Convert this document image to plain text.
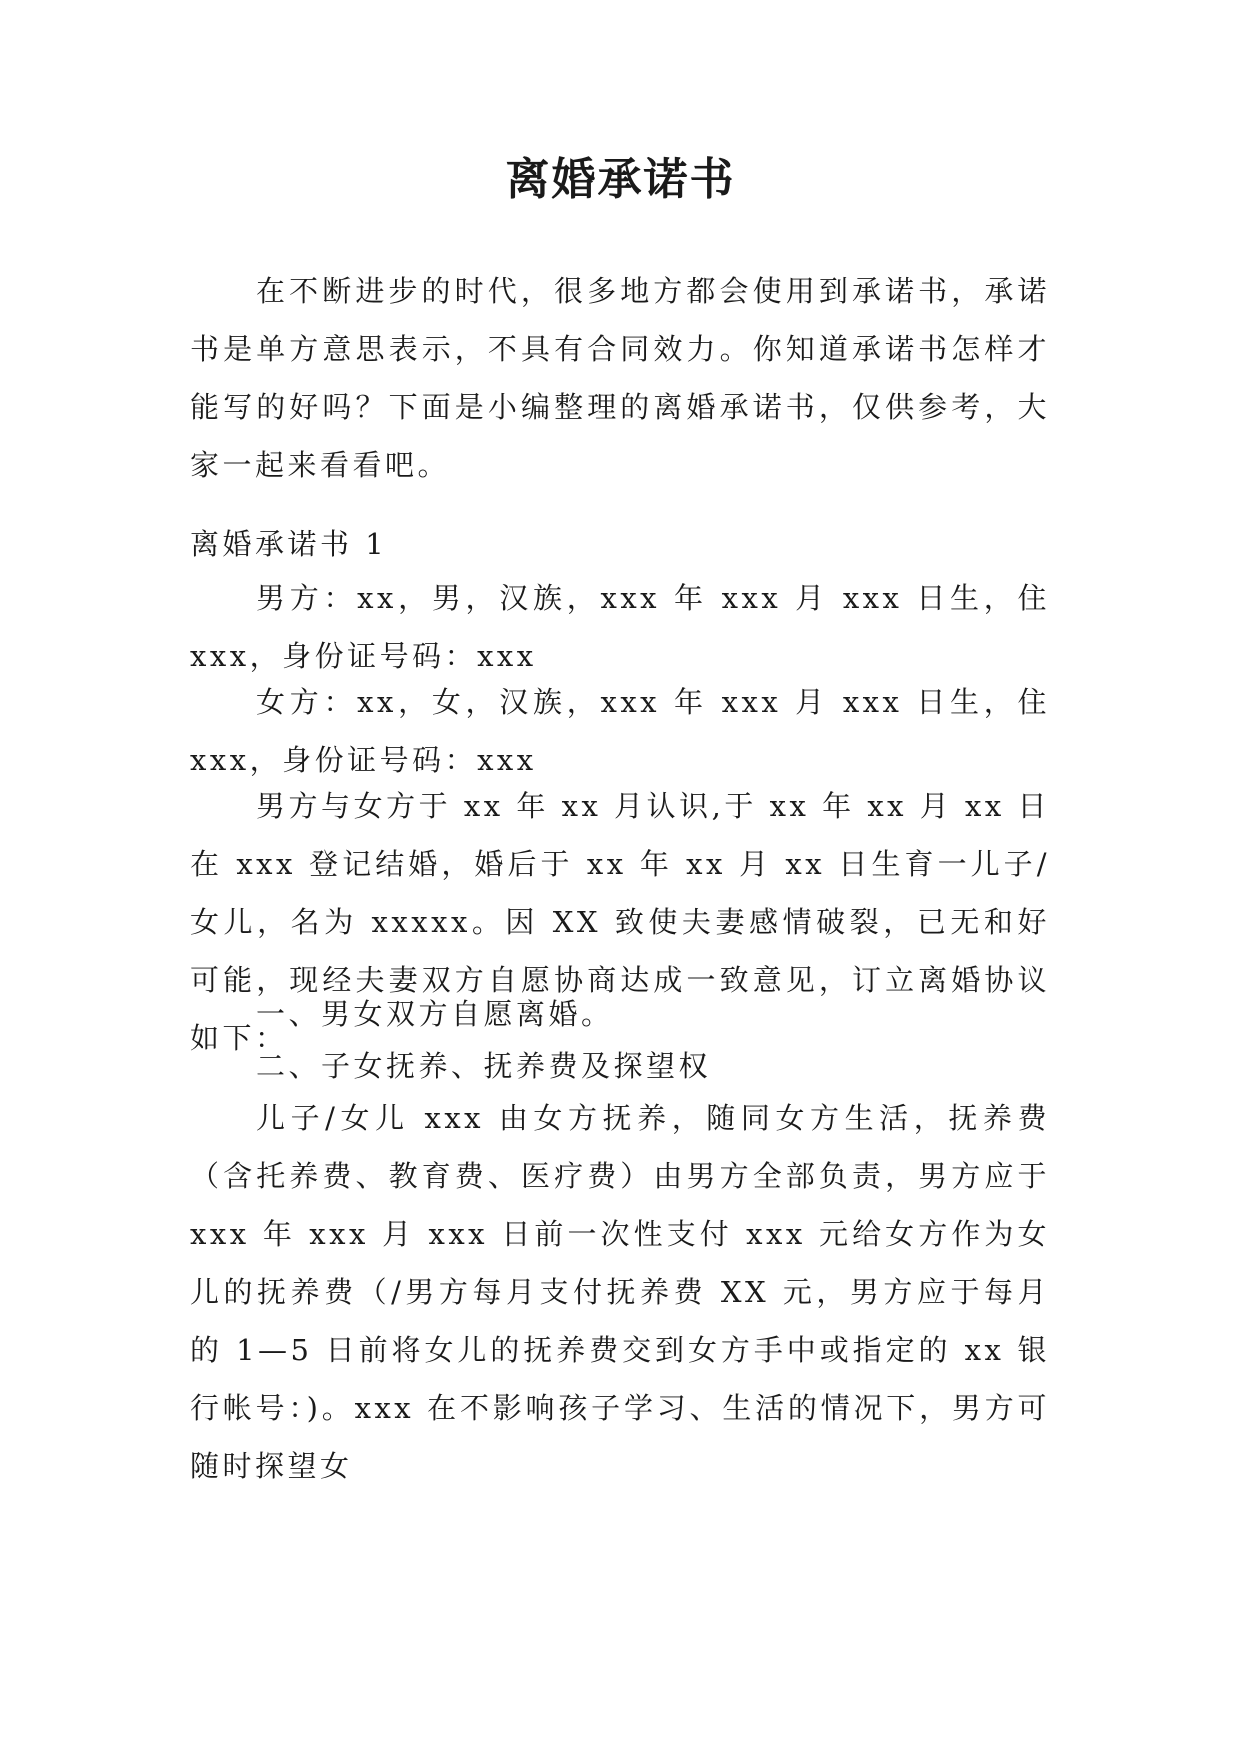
离婚承诺书
在不断进步的时代，很多地方都会使用到承诺书，承诺书是单方意思表示，不具有合同效力。你知道承诺书怎样才能写的好吗？下面是小编整理的离婚承诺书，仅供参考，大家一起来看看吧。
离婚承诺书 1
男方：xx，男，汉族，xxx 年 xxx 月 xxx 日生，住 xxx，身份证号码：xxx
女方：xx，女，汉族，xxx 年 xxx 月 xxx 日生，住 xxx，身份证号码：xxx
男方与女方于 xx 年 xx 月认识,于 xx 年 xx 月 xx 日在 xxx 登记结婚，婚后于 xx 年 xx 月 xx 日生育一儿子/女儿，名为 xxxxx。因 XX 致使夫妻感情破裂，已无和好可能，现经夫妻双方自愿协商达成一致意见，订立离婚协议如下：
一、男女双方自愿离婚。
二、子女抚养、抚养费及探望权
儿子/女儿 xxx 由女方抚养，随同女方生活，抚养费（含托养费、教育费、医疗费）由男方全部负责，男方应于 xxx 年 xxx 月 xxx 日前一次性支付 xxx 元给女方作为女儿的抚养费（/男方每月支付抚养费 XX 元，男方应于每月的 1—5 日前将女儿的抚养费交到女方手中或指定的 xx 银行帐号：)。xxx 在不影响孩子学习、生活的情况下，男方可随时探望女
